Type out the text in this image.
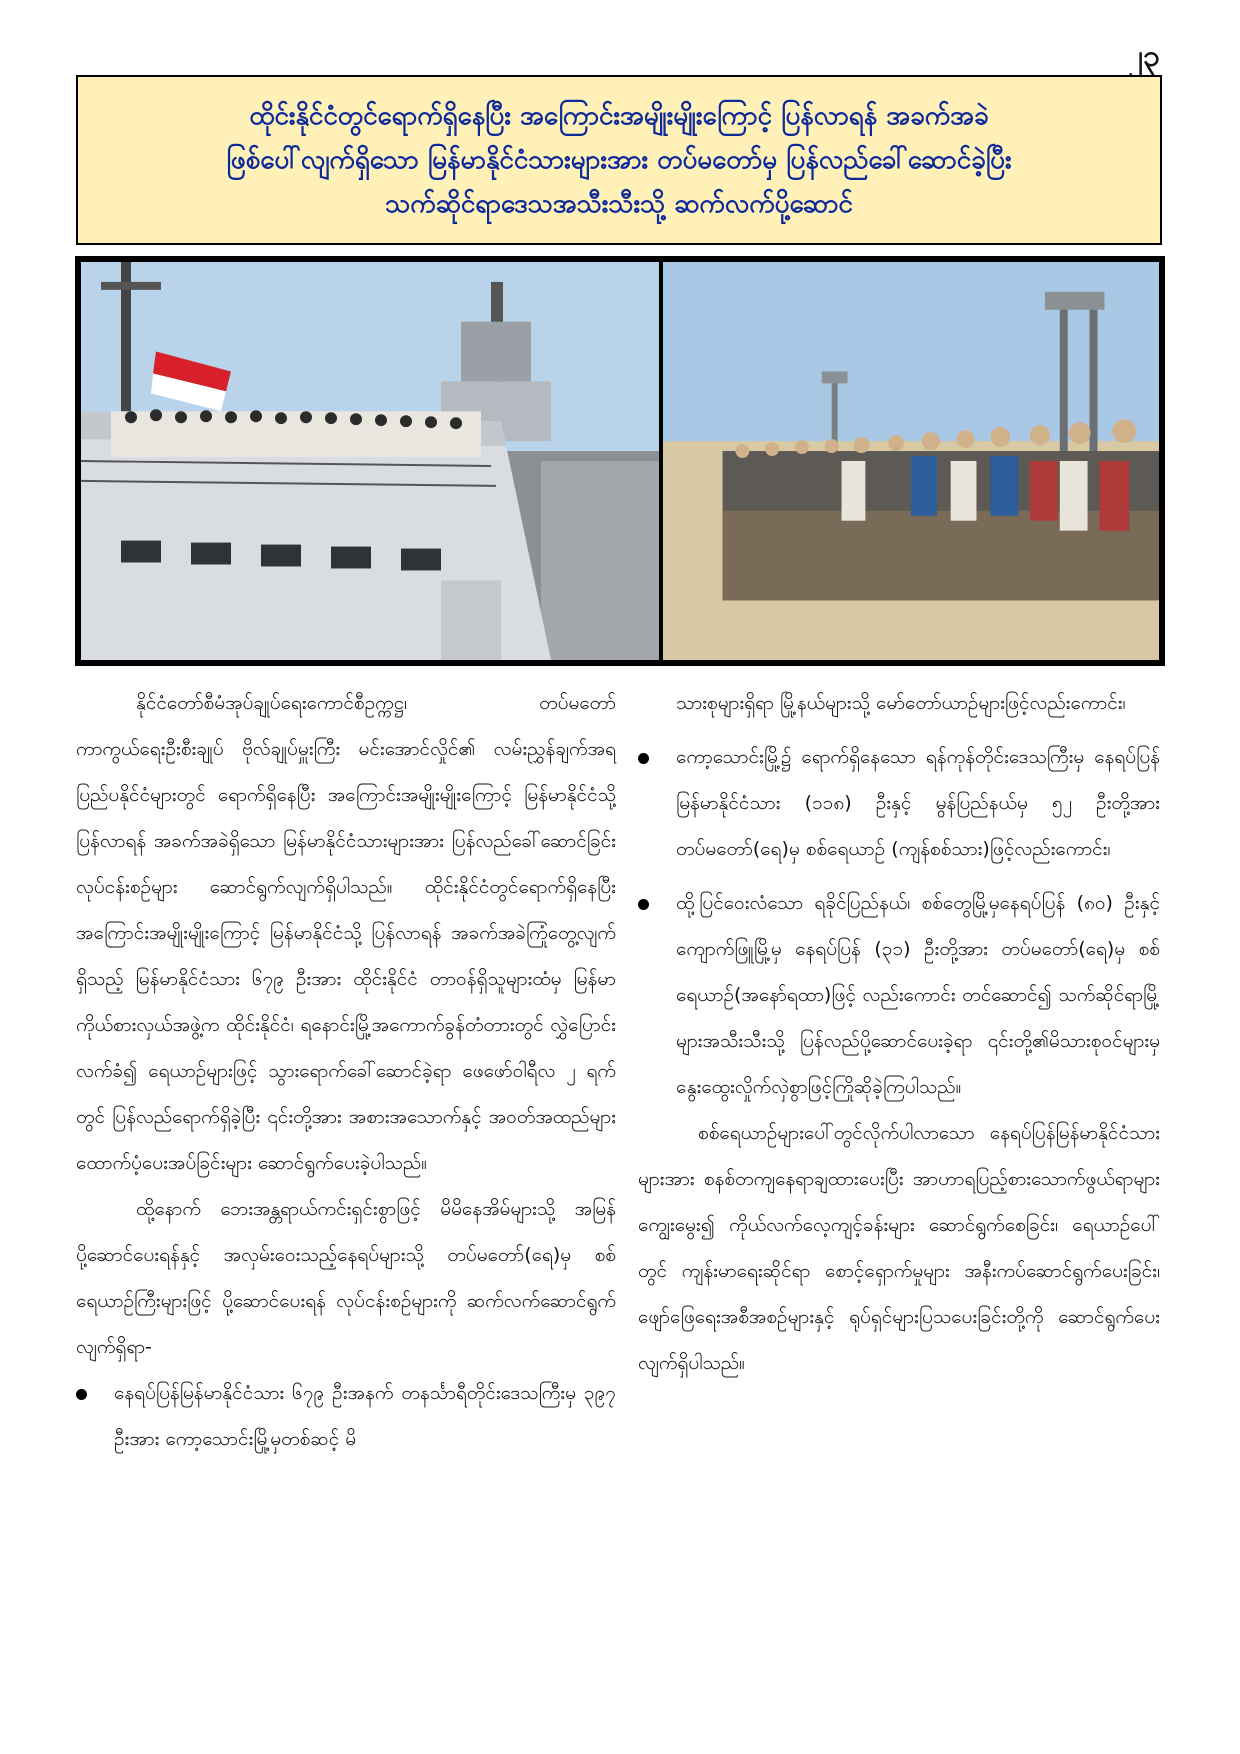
၂၃
ထိုင်းနိုင်ငံတွင်ရောက်ရှိနေပြီး အကြောင်းအမျိုးမျိုးကြောင့် ပြန်လာရန် အခက်အခဲ
ဖြစ်ပေါ်လျက်ရှိသော မြန်မာနိုင်ငံသားများအား တပ်မတော်မှ ပြန်လည်ခေါ်ဆောင်ခဲ့ပြီး
သက်ဆိုင်ရာဒေသအသီးသီးသို့ ဆက်လက်ပို့ဆောင်

နိုင်ငံတော်စီမံအုပ်ချုပ်ရေးကောင်စီဥက္ကဋ္ဌ၊ တပ်မတော်ကာကွယ်ရေးဦးစီးချုပ် ဗိုလ်ချုပ်မှူးကြီး မင်းအောင်လှိုင်၏ လမ်းညွှန်ချက်အရ ပြည်ပနိုင်ငံများတွင် ရောက်ရှိနေပြီး အကြောင်းအမျိုးမျိုးကြောင့် မြန်မာနိုင်ငံသို့ပြန်လာရန် အခက်အခဲရှိသော မြန်မာနိုင်ငံသားများအား ပြန်လည်ခေါ်ဆောင်ခြင်းလုပ်ငန်းစဉ်များ ဆောင်ရွက်လျက်ရှိပါသည်။ ထိုင်းနိုင်ငံတွင်ရောက်ရှိနေပြီး အကြောင်းအမျိုးမျိုးကြောင့် မြန်မာနိုင်ငံသို့ ပြန်လာရန် အခက်အခဲကြုံတွေ့လျက်ရှိသည့် မြန်မာနိုင်ငံသား ၆၇၉ ဦးအား ထိုင်းနိုင်ငံ တာဝန်ရှိသူများထံမှ မြန်မာကိုယ်စားလှယ်အဖွဲ့က ထိုင်းနိုင်ငံ၊ ရနောင်းမြို့အကောက်ခွန်တံတားတွင် လွှဲပြောင်းလက်ခံ၍ ရေယာဉ်များဖြင့် သွားရောက်ခေါ်ဆောင်ခဲ့ရာ ဖေဖော်ဝါရီလ ၂ ရက်တွင် ပြန်လည်ရောက်ရှိခဲ့ပြီး ၎င်းတို့အား အစားအသောက်နှင့် အဝတ်အထည်များ ထောက်ပံ့ပေးအပ်ခြင်းများ ဆောင်ရွက်ပေးခဲ့ပါသည်။

ထို့နောက် ဘေးအန္တရာယ်ကင်းရှင်းစွာဖြင့် မိမိနေအိမ်များသို့ အမြန်ပို့ဆောင်ပေးရန်နှင့် အလှမ်းဝေးသည့်နေရပ်များသို့ တပ်မတော်(ရေ)မှ စစ်ရေယာဉ်ကြီးများဖြင့် ပို့ဆောင်ပေးရန် လုပ်ငန်းစဉ်များကို ဆက်လက်ဆောင်ရွက်လျက်ရှိရာ-

နေရပ်ပြန်မြန်မာနိုင်ငံသား ၆၇၉ ဦးအနက် တနင်္သာရီတိုင်းဒေသကြီးမှ ၃၉၇ ဦးအား ကော့သောင်းမြို့မှတစ်ဆင့် မိ

သားစုများရှိရာ မြို့နယ်များသို့ မော်တော်ယာဉ်များဖြင့်လည်းကောင်း၊

ကော့သောင်းမြို့၌ ရောက်ရှိနေသော ရန်ကုန်တိုင်းဒေသကြီးမှ နေရပ်ပြန်မြန်မာနိုင်ငံသား (၁၁၈) ဦးနှင့် မွန်ပြည်နယ်မှ ၅၂ ဦးတို့အား တပ်မတော်(ရေ)မှ စစ်ရေယာဉ် (ကျန်စစ်သား)ဖြင့်လည်းကောင်း၊

ထို့ပြင်ဝေးလံသော ရခိုင်ပြည်နယ်၊ စစ်တွေမြို့မှနေရပ်ပြန် (၈၀) ဦးနှင့် ကျောက်ဖြူမြို့မှ နေရပ်ပြန် (၃၁) ဦးတို့အား တပ်မတော်(ရေ)မှ စစ်ရေယာဉ်(အနော်ရထာ)ဖြင့် လည်းကောင်း တင်ဆောင်၍ သက်ဆိုင်ရာမြို့များအသီးသီးသို့ ပြန်လည်ပို့ဆောင်ပေးခဲ့ရာ ၎င်းတို့၏မိသားစုဝင်များမှ နွေးထွေးလှိုက်လှဲစွာဖြင့်ကြိုဆိုခဲ့ကြပါသည်။

စစ်ရေယာဉ်များပေါ်တွင်လိုက်ပါလာသော နေရပ်ပြန်မြန်မာနိုင်ငံသားများအား စနစ်တကျနေရာချထားပေးပြီး အာဟာရပြည့်စားသောက်ဖွယ်ရာများ ကျွေးမွေး၍ ကိုယ်လက်လေ့ကျင့်ခန်းများ ဆောင်ရွက်စေခြင်း၊ ရေယာဉ်ပေါ်တွင် ကျန်းမာရေးဆိုင်ရာ စောင့်ရှောက်မှုများ အနီးကပ်ဆောင်ရွက်ပေးခြင်း၊ ဖျော်ဖြေရေးအစီအစဉ်များနှင့် ရုပ်ရှင်များပြသပေးခြင်းတို့ကို ဆောင်ရွက်ပေးလျက်ရှိပါသည်။
